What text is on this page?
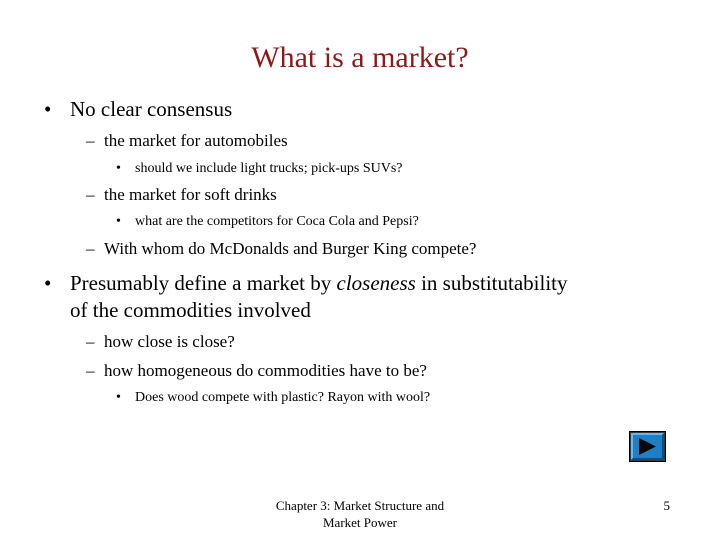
What is a market?
• No clear consensus
– the market for automobiles
• should we include light trucks; pick-ups SUVs?
– the market for soft drinks
• what are the competitors for Coca Cola and Pepsi?
– With whom do McDonalds and Burger King compete?
• Presumably define a market by closeness in substitutability
of the commodities involved
– how close is close?
– how homogeneous do commodities have to be?
• Does wood compete with plastic? Rayon with wool?
Chapter 3: Market Structure and
Market Power
5
